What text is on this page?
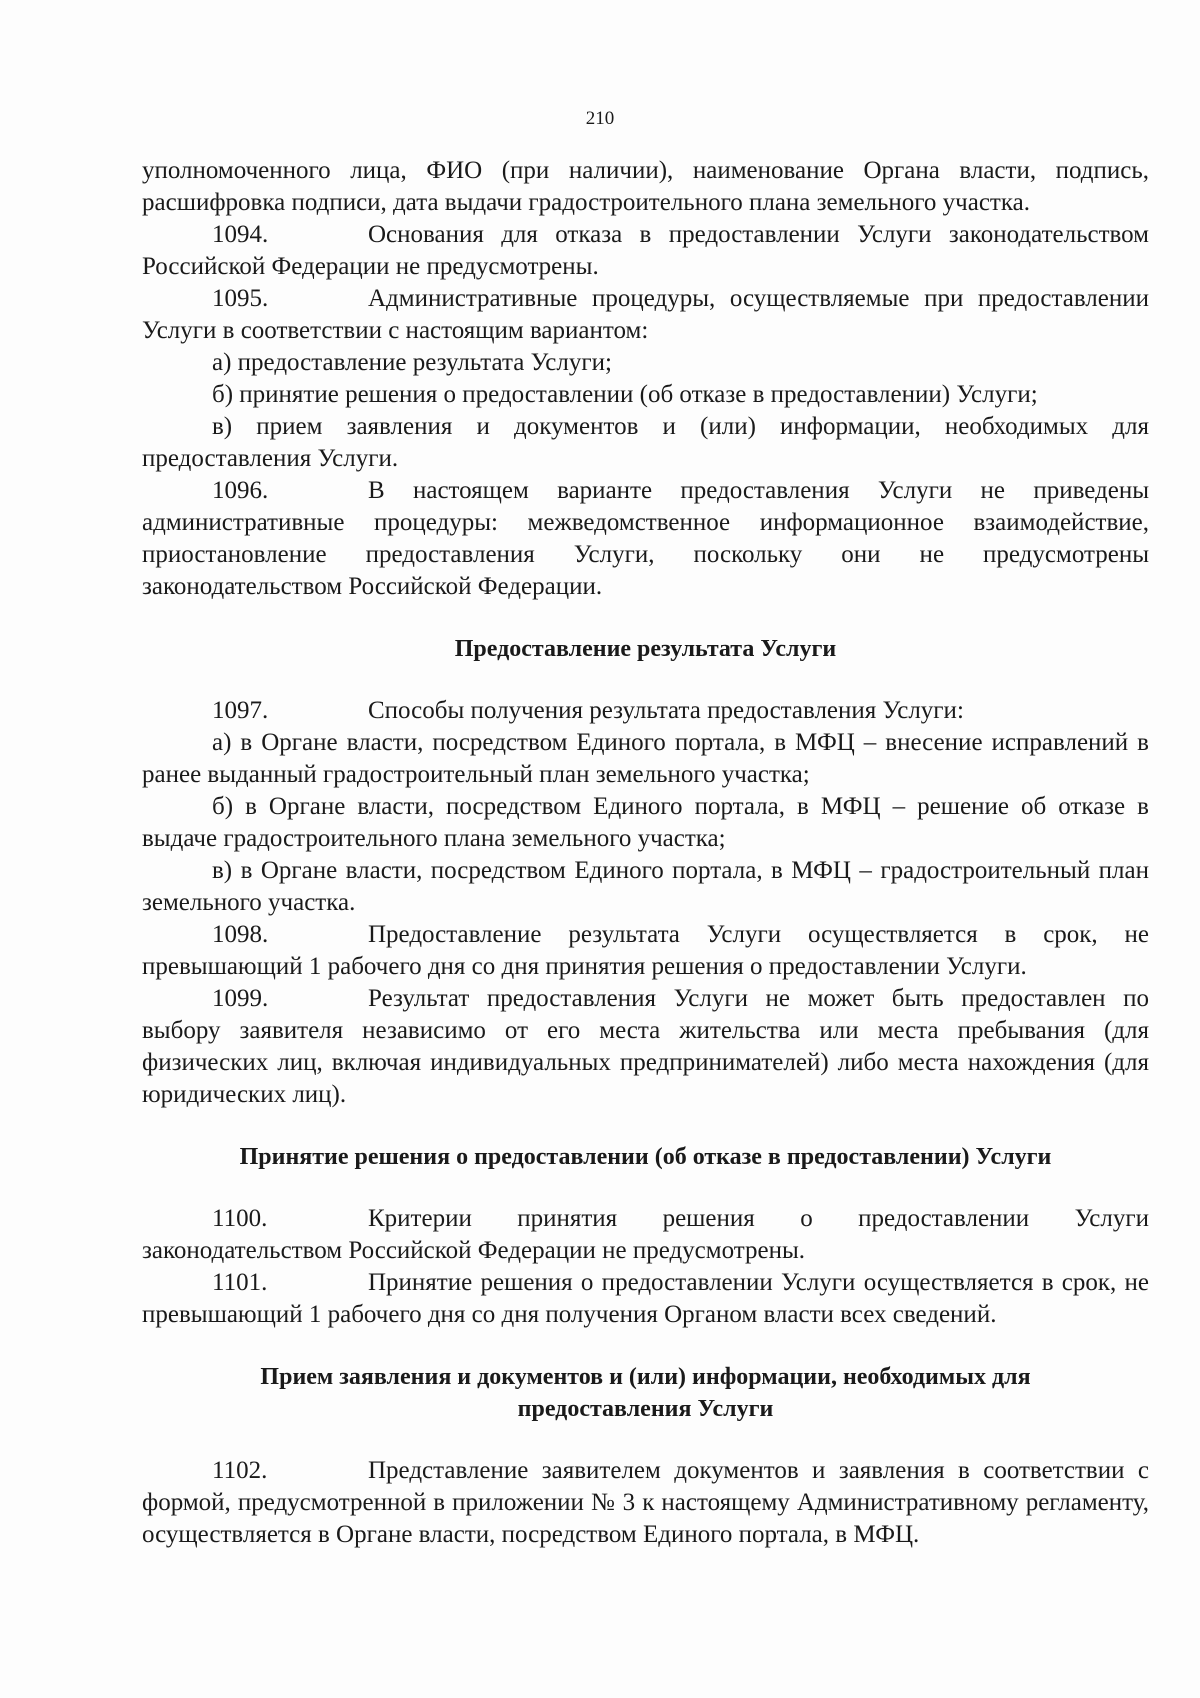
210

уполномоченного лица, ФИО (при наличии), наименование Органа власти, подпись, расшифровка подписи, дата выдачи градостроительного плана земельного участка.

1094.	Основания для отказа в предоставлении Услуги законодательством Российской Федерации не предусмотрены.

1095.	Административные процедуры, осуществляемые при предоставлении Услуги в соответствии с настоящим вариантом:

а) предоставление результата Услуги;

б) принятие решения о предоставлении (об отказе в предоставлении) Услуги;

в) прием заявления и документов и (или) информации, необходимых для предоставления Услуги.

1096.	В настоящем варианте предоставления Услуги не приведены административные процедуры: межведомственное информационное взаимодействие, приостановление предоставления Услуги, поскольку они не предусмотрены законодательством Российской Федерации.

Предоставление результата Услуги

1097.	Способы получения результата предоставления Услуги:

а) в Органе власти, посредством Единого портала, в МФЦ – внесение исправлений в ранее выданный градостроительный план земельного участка;

б) в Органе власти, посредством Единого портала, в МФЦ – решение об отказе в выдаче градостроительного плана земельного участка;

в) в Органе власти, посредством Единого портала, в МФЦ – градостроительный план земельного участка.

1098.	Предоставление результата Услуги осуществляется в срок, не превышающий 1 рабочего дня со дня принятия решения о предоставлении Услуги.

1099.	Результат предоставления Услуги не может быть предоставлен по выбору заявителя независимо от его места жительства или места пребывания (для физических лиц, включая индивидуальных предпринимателей) либо места нахождения (для юридических лиц).

Принятие решения о предоставлении (об отказе в предоставлении) Услуги

1100.	Критерии принятия решения о предоставлении Услуги законодательством Российской Федерации не предусмотрены.

1101.	Принятие решения о предоставлении Услуги осуществляется в срок, не превышающий 1 рабочего дня со дня получения Органом власти всех сведений.

Прием заявления и документов и (или) информации, необходимых для

предоставления Услуги

1102.	Представление заявителем документов и заявления в соответствии с формой, предусмотренной в приложении № 3 к настоящему Административному регламенту, осуществляется в Органе власти, посредством Единого портала, в МФЦ.
